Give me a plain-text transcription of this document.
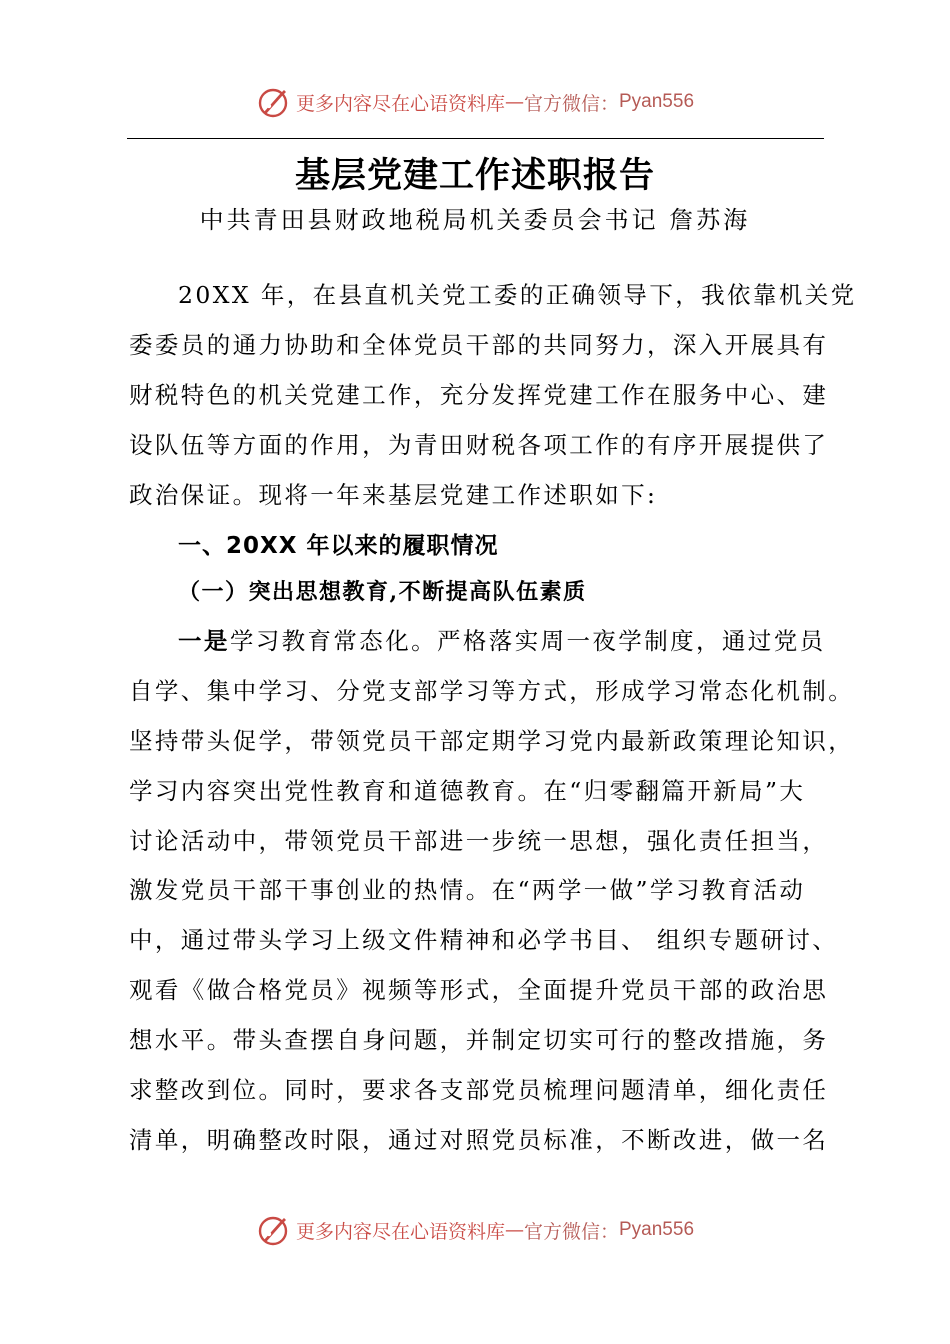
更多内容尽在心语资料库 — 官方微信： Pyan556
基层党建工作述职报告
中共青田县财政地税局机关委员会书记 詹苏海
20XX 年，在县直机关党工委的正确领导下，我依靠机关党
委委员的通力协助和全体党员干部的共同努力，深入开展具有
财税特色的机关党建工作，充分发挥党建工作在服务中心、建
设队伍等方面的作用，为青田财税各项工作的有序开展提供了
政治保证。现将一年来基层党建工作述职如下:
一、20XX 年以来的履职情况
（一）突出思想教育,不断提高队伍素质
一是学习教育常态化。严格落实周一夜学制度，通过党员
自学、集中学习、分党支部学习等方式，形成学习常态化机制。
坚持带头促学，带领党员干部定期学习党内最新政策理论知识，
学习内容突出党性教育和道德教育。在“归零翻篇开新局”大
讨论活动中，带领党员干部进一步统一思想，强化责任担当，
激发党员干部干事创业的热情。在“两学一做”学习教育活动
中，通过带头学习上级文件精神和必学书目、 组织专题研讨、
观看《做合格党员》视频等形式，全面提升党员干部的政治思
想水平。带头查摆自身问题，并制定切实可行的整改措施，务
求整改到位。同时，要求各支部党员梳理问题清单，细化责任
清单，明确整改时限，通过对照党员标准，不断改进，做一名
更多内容尽在心语资料库 — 官方微信： Pyan556
